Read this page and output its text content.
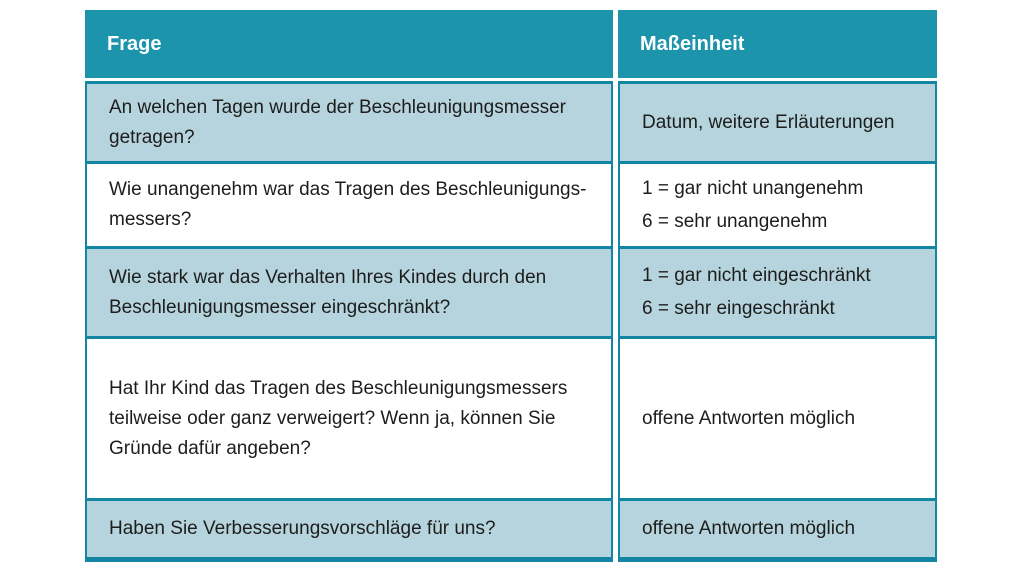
Frage	Maßeinheit
An welchen Tagen wurde der Beschleunigungsmesser
getragen?
Datum, weitere Erläuterungen
Wie unangenehm war das Tragen des Beschleunigungs-
messers?
1 = gar nicht unangenehm
6 = sehr unangenehm
Wie stark war das Verhalten Ihres Kindes durch den
Beschleunigungsmesser eingeschränkt?
1 = gar nicht eingeschränkt
6 = sehr eingeschränkt
Hat Ihr Kind das Tragen des Beschleunigungsmessers
teilweise oder ganz verweigert? Wenn ja, können Sie
Gründe dafür angeben?
offene Antworten möglich
Haben Sie Verbesserungsvorschläge für uns?	offene Antworten möglich
